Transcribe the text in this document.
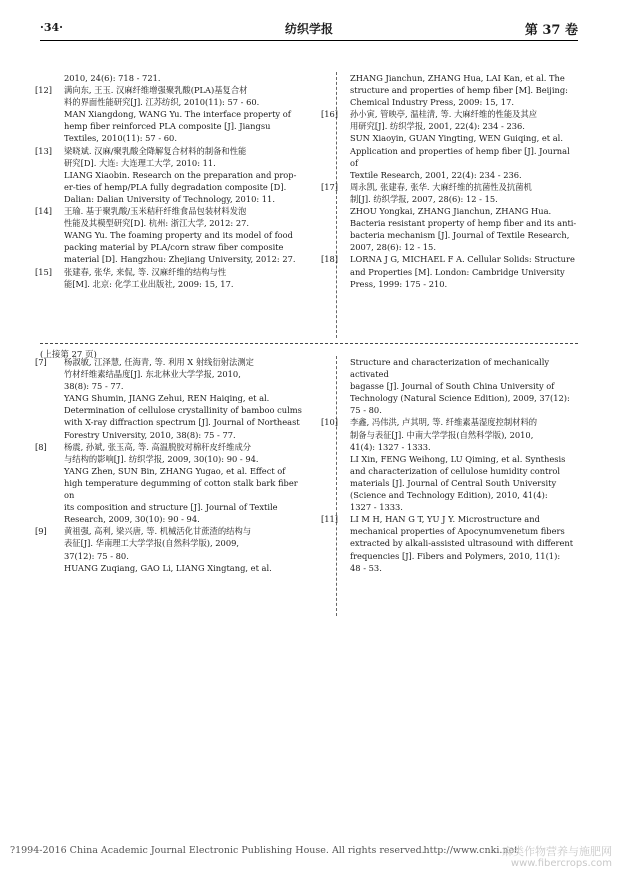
·34·	纺织学报	第 37 卷
(上接第 27 页)

2010, 24(6): 718 - 721.

[12]	满向东, 王玉. 汉麻纤维增强聚乳酸(PLA)基复合材

料的界面性能研究[J]. 江苏纺织, 2010(11): 57 - 60.

MAN Xiangdong, WANG Yu. The interface property of

hemp fiber reinforced PLA composite [J]. Jiangsu

Textiles, 2010(11): 57 - 60.

[13]	梁晓斌. 汉麻/聚乳酸全降解复合材料的制备和性能

研究[D]. 大连: 大连理工大学, 2010: 11.

LIANG Xiaobin. Research on the preparation and prop-

er-ties of hemp/PLA fully degradation composite [D].

Dalian: Dalian University of Technology, 2010: 11.

[14]	王瑜. 基于聚乳酸/玉米秸秆纤维食品包装材料发泡

性能及其模型研究[D]. 杭州: 浙江大学, 2012: 27.

WANG Yu. The foaming property and its model of food

packing material by PLA/corn straw fiber composite

material [D]. Hangzhou: Zhejiang University, 2012: 27.

[15]	张建春, 张华, 来侃, 等. 汉麻纤维的结构与性

能[M]. 北京: 化学工业出版社, 2009: 15, 17.

ZHANG Jianchun, ZHANG Hua, LAI Kan, et al. The

structure and properties of hemp fiber [M]. Beijing:

Chemical Industry Press, 2009: 15, 17.

[16]	孙小寅, 管映亭, 温桂清, 等. 大麻纤维的性能及其应

用研究[J]. 纺织学报, 2001, 22(4): 234 - 236.

SUN Xiaoyin, GUAN Yingting, WEN Guiqing, et al.

Application and properties of hemp fiber [J]. Journal of

Textile Research, 2001, 22(4): 234 - 236.

[17]	周永凯, 张建春, 张华. 大麻纤维的抗菌性及抗菌机

制[J]. 纺织学报, 2007, 28(6): 12 - 15.

ZHOU Yongkai, ZHANG Jianchun, ZHANG Hua.

Bacteria resistant property of hemp fiber and its anti-

bacteria mechanism [J]. Journal of Textile Research,

2007, 28(6): 12 - 15.

[18]	LORNA J G, MICHAEL F A. Cellular Solids: Structure

and Properties [M]. London: Cambridge University

Press, 1999: 175 - 210.

[7]	杨淑敏, 江泽慧, 任海青, 等. 利用 X 射线衍射法测定

竹材纤维素结晶度[J]. 东北林业大学学报, 2010,

38(8): 75 - 77.

YANG Shumin, JIANG Zehui, REN Haiqing, et al.

Determination of cellulose crystallinity of bamboo culms

with X-ray diffraction spectrum [J]. Journal of Northeast

Forestry University, 2010, 38(8): 75 - 77.

[8]	杨震, 孙斌, 张玉高, 等. 高温脱胶对棉秆皮纤维成分

与结构的影响[J]. 纺织学报, 2009, 30(10): 90 - 94.

YANG Zhen, SUN Bin, ZHANG Yugao, et al. Effect of

high temperature degumming of cotton stalk bark fiber on

its composition and structure [J]. Journal of Textile

Research, 2009, 30(10): 90 - 94.

[9]	黄祖强, 高利, 梁兴唐, 等. 机械活化甘蔗渣的结构与

表征[J]. 华南理工大学学报(自然科学版), 2009,

37(12): 75 - 80.

HUANG Zuqiang, GAO Li, LIANG Xingtang, et al.

Structure and characterization of mechanically activated

bagasse [J]. Journal of South China University of

Technology (Natural Science Edition), 2009, 37(12):

75 - 80.

[10]	李鑫, 冯伟洪, 卢其明, 等. 纤维素基湿度控制材料的

制备与表征[J]. 中南大学学报(自然科学版), 2010,

41(4): 1327 - 1333.

LI Xin, FENG Weihong, LU Qiming, et al. Synthesis

and characterization of cellulose humidity control

materials [J]. Journal of Central South University

(Science and Technology Edition), 2010, 41(4):

1327 - 1333.

[11]	LI M H, HAN G T, YU J Y. Microstructure and

mechanical properties of Apocynumvenetum fibers

extracted by alkali-assisted ultrasound with different

frequencies [J]. Fibers and Polymers, 2010, 11(1):

48 - 53.

?1994-2016 China Academic Journal Electronic Publishing House. All rights reserved.
http://www.cnki.net
麻类作物营养与施肥网
www.fibercrops.com
